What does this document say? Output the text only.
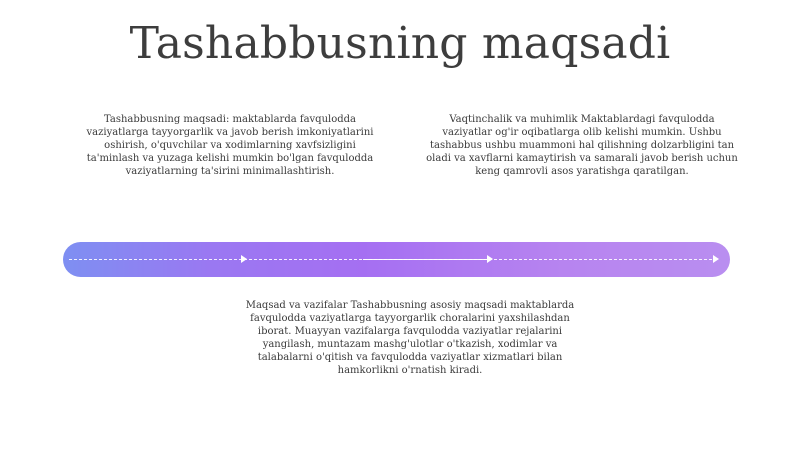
Tashabbusning maqsadi
Tashabbusning maqsadi: maktablarda favqulodda vaziyatlarga tayyorgarlik va javob berish imkoniyatlarini oshirish, o'quvchilar va xodimlarning xavfsizligini ta'minlash va yuzaga kelishi mumkin bo'lgan favqulodda vaziyatlarning ta'sirini minimallashtirish.
Vaqtinchalik va muhimlik Maktablardagi favqulodda vaziyatlar og'ir oqibatlarga olib kelishi mumkin. Ushbu tashabbus ushbu muammoni hal qilishning dolzarbligini tan oladi va xavflarni kamaytirish va samarali javob berish uchun keng qamrovli asos yaratishga qaratilgan.
Maqsad va vazifalar Tashabbusning asosiy maqsadi maktablarda favqulodda vaziyatlarga tayyorgarlik choralarini yaxshilashdan iborat. Muayyan vazifalarga favqulodda vaziyatlar rejalarini yangilash, muntazam mashg'ulotlar o'tkazish, xodimlar va talabalarni o'qitish va favqulodda vaziyatlar xizmatlari bilan hamkorlikni o'rnatish kiradi.
